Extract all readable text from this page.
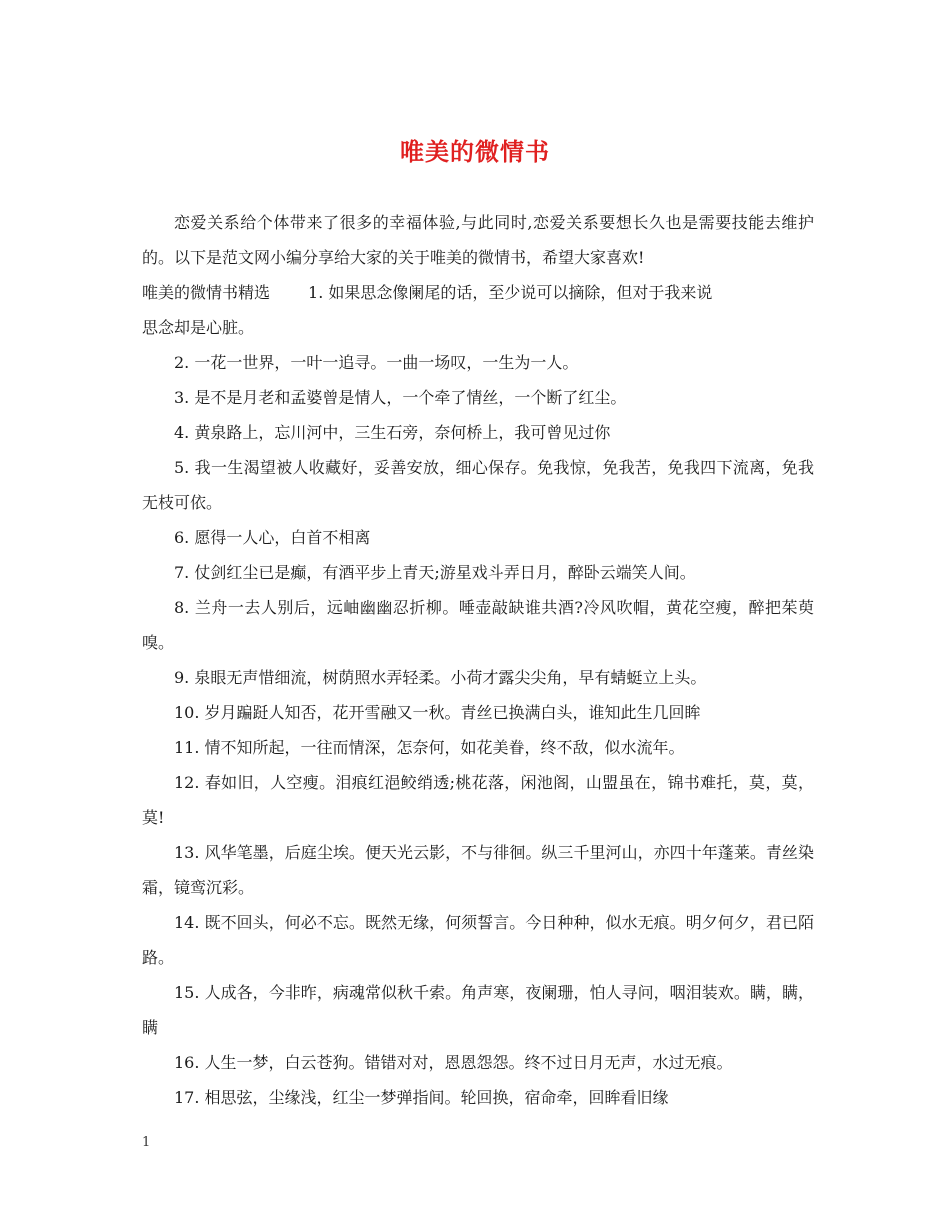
唯美的微情书

恋爱关系给个体带来了很多的幸福体验,与此同时,恋爱关系要想长久也是需要技能去维护的。以下是范文网小编分享给大家的关于唯美的微情书，希望大家喜欢!

唯美的微情书精选 1. 如果思念像阑尾的话，至少说可以摘除，但对于我来说

思念却是心脏。

2. 一花一世界，一叶一追寻。一曲一场叹，一生为一人。

3. 是不是月老和孟婆曾是情人，一个牵了情丝，一个断了红尘。

4. 黄泉路上，忘川河中，三生石旁，奈何桥上，我可曾见过你

5. 我一生渴望被人收藏好，妥善安放，细心保存。免我惊，免我苦，免我四下流离，免我无枝可依。

6. 愿得一人心，白首不相离

7. 仗剑红尘已是癫，有酒平步上青天;游星戏斗弄日月，醉卧云端笑人间。

8. 兰舟一去人别后，远岫幽幽忍折柳。唾壶敲缺谁共酒?冷风吹帽，黄花空瘦，醉把茱萸嗅。

9. 泉眼无声惜细流，树荫照水弄轻柔。小荷才露尖尖角，早有蜻蜓立上头。

10. 岁月蹁跹人知否，花开雪融又一秋。青丝已换满白头，谁知此生几回眸

11. 情不知所起，一往而情深，怎奈何，如花美眷，终不敌，似水流年。

12. 春如旧，人空瘦。泪痕红浥鲛绡透;桃花落，闲池阁，山盟虽在，锦书难托，莫，莫，莫!

13. 风华笔墨，后庭尘埃。便天光云影，不与徘徊。纵三千里河山，亦四十年蓬莱。青丝染霜，镜鸾沉彩。

14. 既不回头，何必不忘。既然无缘，何须誓言。今日种种，似水无痕。明夕何夕，君已陌路。

15. 人成各，今非昨，病魂常似秋千索。角声寒，夜阑珊，怕人寻问，咽泪装欢。瞒，瞒，瞒

16. 人生一梦，白云苍狗。错错对对，恩恩怨怨。终不过日月无声，水过无痕。

17. 相思弦，尘缘浅，红尘一梦弹指间。轮回换，宿命牵，回眸看旧缘

1
